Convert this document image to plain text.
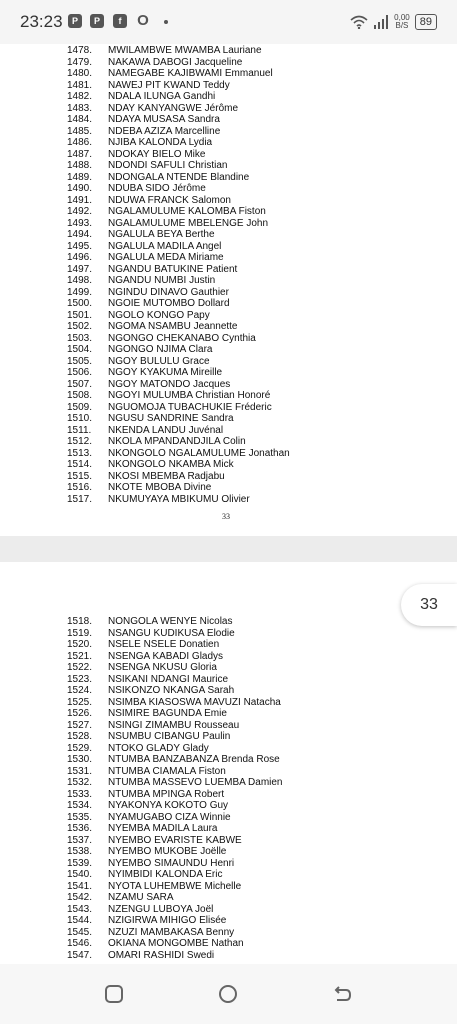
23:23	P	P	f	O	0,00
B/S	89
1478. MWILAMBWE MWAMBA Lauriane
1479. NAKAWA DABOGI Jacqueline
1480. NAMEGABE KAJIBWAMI Emmanuel
1481. NAWEJ PIT KWAND Teddy
1482. NDALA ILUNGA Gandhi
1483. NDAY KANYANGWE Jérôme
1484. NDAYA MUSASA Sandra
1485. NDEBA AZIZA Marcelline
1486. NJIBA KALONDA Lydia
1487. NDOKAY BIELO Mike
1488. NDONDI SAFULI Christian
1489. NDONGALA NTENDE Blandine
1490. NDUBA SIDO Jérôme
1491. NDUWA FRANCK Salomon
1492. NGALAMULUME KALOMBA Fiston
1493. NGALAMULUME MBELENGE John
1494. NGALULA BEYA Berthe
1495. NGALULA MADILA Angel
1496. NGALULA MEDA Miriame
1497. NGANDU BATUKINE Patient
1498. NGANDU NUMBI Justin
1499. NGINDU DINAVO Gauthier
1500. NGOIE MUTOMBO Dollard
1501. NGOLO KONGO Papy
1502. NGOMA NSAMBU Jeannette
1503. NGONGO CHEKANABO Cynthia
1504. NGONGO NJIMA Clara
1505. NGOY BULULU Grace
1506. NGOY KYAKUMA Mireille
1507. NGOY MATONDO Jacques
1508. NGOYI MULUMBA Christian Honoré
1509. NGUOMOJA TUBACHUKIE Fréderic
1510. NGUSU SANDRINE Sandra
1511. NKENDA LANDU Juvénal
1512. NKOLA MPANDANDJILA Colin
1513. NKONGOLO NGALAMULUME Jonathan
1514. NKONGOLO NKAMBA Mick
1515. NKOSI MBEMBA Radjabu
1516. NKOTE MBOBA Divine
1517. NKUMUYAYA MBIKUMU Olivier
33
1518. NONGOLA WENYE Nicolas
1519. NSANGU KUDIKUSA Elodie
1520. NSELE NSELE Donatien
1521. NSENGA KABADI Gladys
1522. NSENGA NKUSU Gloria
1523. NSIKANI NDANGI Maurice
1524. NSIKONZO NKANGA Sarah
1525. NSIMBA KIASOSWA MAVUZI Natacha
1526. NSIMIRE BAGUNDA Emie
1527. NSINGI ZIMAMBU Rousseau
1528. NSUMBU CIBANGU Paulin
1529. NTOKO GLADY Glady
1530. NTUMBA BANZABANZA Brenda Rose
1531. NTUMBA CIAMALA Fiston
1532. NTUMBA MASSEVO LUEMBA Damien
1533. NTUMBA MPINGA Robert
1534. NYAKONYA KOKOTO Guy
1535. NYAMUGABO CIZA Winnie
1536. NYEMBA MADILA Laura
1537. NYEMBO EVARISTE KABWE
1538. NYEMBO MUKOBE Joëlle
1539. NYEMBO SIMAUNDU Henri
1540. NYIMBIDI KALONDA Eric
1541. NYOTA LUHEMBWE Michelle
1542. NZAMU SARA
1543. NZENGU LUBOYA Joël
1544. NZIGIRWA MIHIGO Elisée
1545. NZUZI MAMBAKASA Benny
1546. OKIANA MONGOMBE Nathan
1547. OMARI RASHIDI Swedi
33
